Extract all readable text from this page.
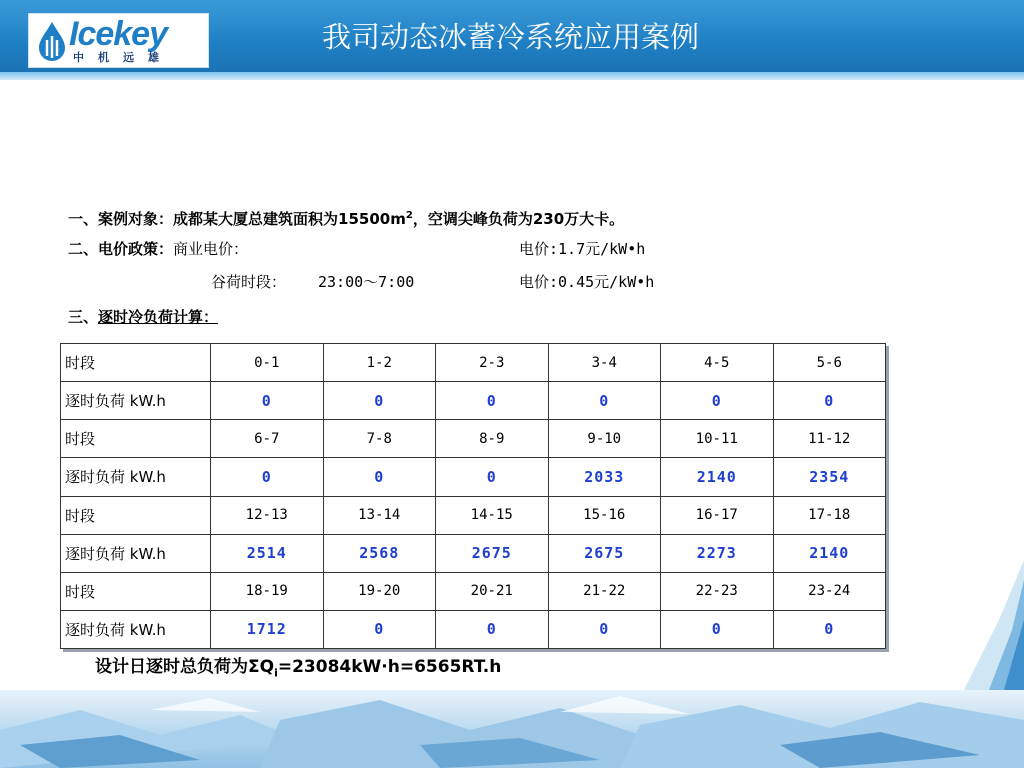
Icekey
中机远雄
我司动态冰蓄冷系统应用案例
一、案例对象：成都某大厦总建筑面积为$15500m^2$，空调尖峰负荷为230万大卡。
二、电价政策：商业电价：	电价:1.7元/kW•h
谷荷时段： 23:00～7:00	电价:0.45元/kW•h
三、逐时冷负荷计算：
时段	0-1	1-2	2-3	3-4	4-5	5-6
逐时负荷 kW.h	0	0	0	0	0	0
时段	6-7	7-8	8-9	9-10	10-11	11-12
逐时负荷 kW.h	0	0	0	2033	2140	2354
时段	12-13	13-14	14-15	15-16	16-17	17-18
逐时负荷 kW.h	2514	2568	2675	2675	2273	2140
时段	18-19	19-20	20-21	21-22	22-23	23-24
逐时负荷 kW.h	1712	0	0	0	0	0
设计日逐时总负荷为$\Sigma Q_i=23084kW\cdot h=6565RT.h$
